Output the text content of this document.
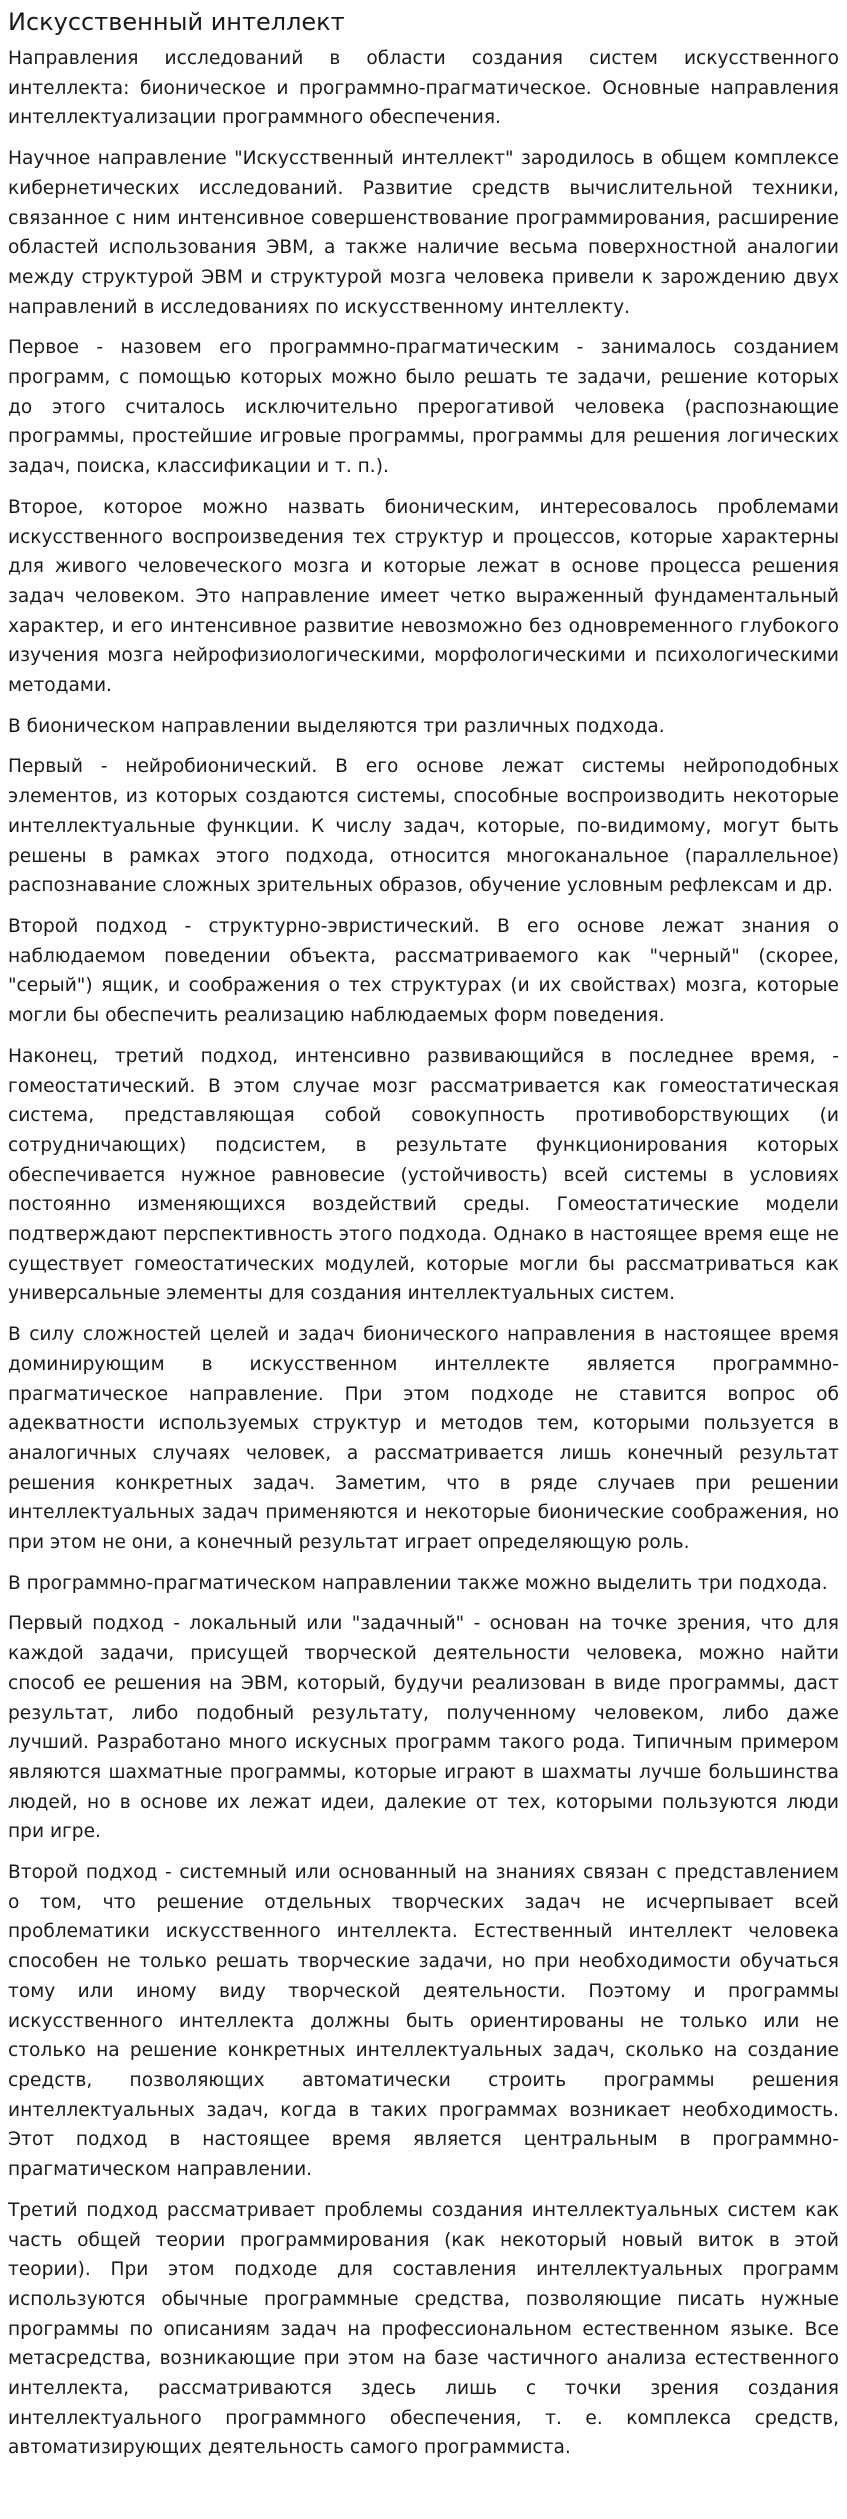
Искусственный интеллект

Направления исследований в области создания систем искусственного интеллекта: бионическое и программно-прагматическое. Основные направления интеллектуализации программного обеспечения.

Научное направление "Искусственный интеллект" зародилось в общем комплексе кибернетических исследований. Развитие средств вычислительной техники, связанное с ним интенсивное совершенствование программирования, расширение областей использования ЭВМ, а также наличие весьма поверхностной аналогии между структурой ЭВМ и структурой мозга человека привели к зарождению двух направлений в исследованиях по искусственному интеллекту.

Первое - назовем его программно-прагматическим - занималось созданием программ, с помощью которых можно было решать те задачи, решение которых до этого считалось исключительно прерогативой человека (распознающие программы, простейшие игровые программы, программы для решения логических задач, поиска, классификации и т. п.).

Второе, которое можно назвать бионическим, интересовалось проблемами искусственного воспроизведения тех структур и процессов, которые характерны для живого человеческого мозга и которые лежат в основе процесса решения задач человеком. Это направление имеет четко выраженный фундаментальный характер, и его интенсивное развитие невозможно без одновременного глубокого изучения мозга нейрофизиологическими, морфологическими и психологическими методами.

В бионическом направлении выделяются три различных подхода.

Первый - нейробионический. В его основе лежат системы нейроподобных элементов, из которых создаются системы, способные воспроизводить некоторые интеллектуальные функции. К числу задач, которые, по-видимому, могут быть решены в рамках этого подхода, относится многоканальное (параллельное) распознавание сложных зрительных образов, обучение условным рефлексам и др.

Второй подход - структурно-эвристический. В его основе лежат знания о наблюдаемом поведении объекта, рассматриваемого как "черный" (скорее, "серый") ящик, и соображения о тех структурах (и их свойствах) мозга, которые могли бы обеспечить реализацию наблюдаемых форм поведения.

Наконец, третий подход, интенсивно развивающийся в последнее время, - гомеостатический. В этом случае мозг рассматривается как гомеостатическая система, представляющая собой совокупность противоборствующих (и сотрудничающих) подсистем, в результате функционирования которых обеспечивается нужное равновесие (устойчивость) всей системы в условиях постоянно изменяющихся воздействий среды. Гомеостатические модели подтверждают перспективность этого подхода. Однако в настоящее время еще не существует гомеостатических модулей, которые могли бы рассматриваться как универсальные элементы для создания интеллектуальных систем.

В силу сложностей целей и задач бионического направления в настоящее время доминирующим в искусственном интеллекте является программно-прагматическое направление. При этом подходе не ставится вопрос об адекватности используемых структур и методов тем, которыми пользуется в аналогичных случаях человек, а рассматривается лишь конечный результат решения конкретных задач. Заметим, что в ряде случаев при решении интеллектуальных задач применяются и некоторые бионические соображения, но при этом не они, а конечный результат играет определяющую роль.

В программно-прагматическом направлении также можно выделить три подхода.

Первый подход - локальный или "задачный" - основан на точке зрения, что для каждой задачи, присущей творческой деятельности человека, можно найти способ ее решения на ЭВМ, который, будучи реализован в виде программы, даст результат, либо подобный результату, полученному человеком, либо даже лучший. Разработано много искусных программ такого рода. Типичным примером являются шахматные программы, которые играют в шахматы лучше большинства людей, но в основе их лежат идеи, далекие от тех, которыми пользуются люди при игре.

Второй подход - системный или основанный на знаниях связан с представлением о том, что решение отдельных творческих задач не исчерпывает всей проблематики искусственного интеллекта. Естественный интеллект человека способен не только решать творческие задачи, но при необходимости обучаться тому или иному виду творческой деятельности. Поэтому и программы искусственного интеллекта должны быть ориентированы не только или не столько на решение конкретных интеллектуальных задач, сколько на создание средств, позволяющих автоматически строить программы решения интеллектуальных задач, когда в таких программах возникает необходимость. Этот подход в настоящее время является центральным в программно-прагматическом направлении.

Третий подход рассматривает проблемы создания интеллектуальных систем как часть общей теории программирования (как некоторый новый виток в этой теории). При этом подходе для составления интеллектуальных программ используются обычные программные средства, позволяющие писать нужные программы по описаниям задач на профессиональном естественном языке. Все метасредства, возникающие при этом на базе частичного анализа естественного интеллекта, рассматриваются здесь лишь с точки зрения создания интеллектуального программного обеспечения, т. е. комплекса средств, автоматизирующих деятельность самого программиста.
